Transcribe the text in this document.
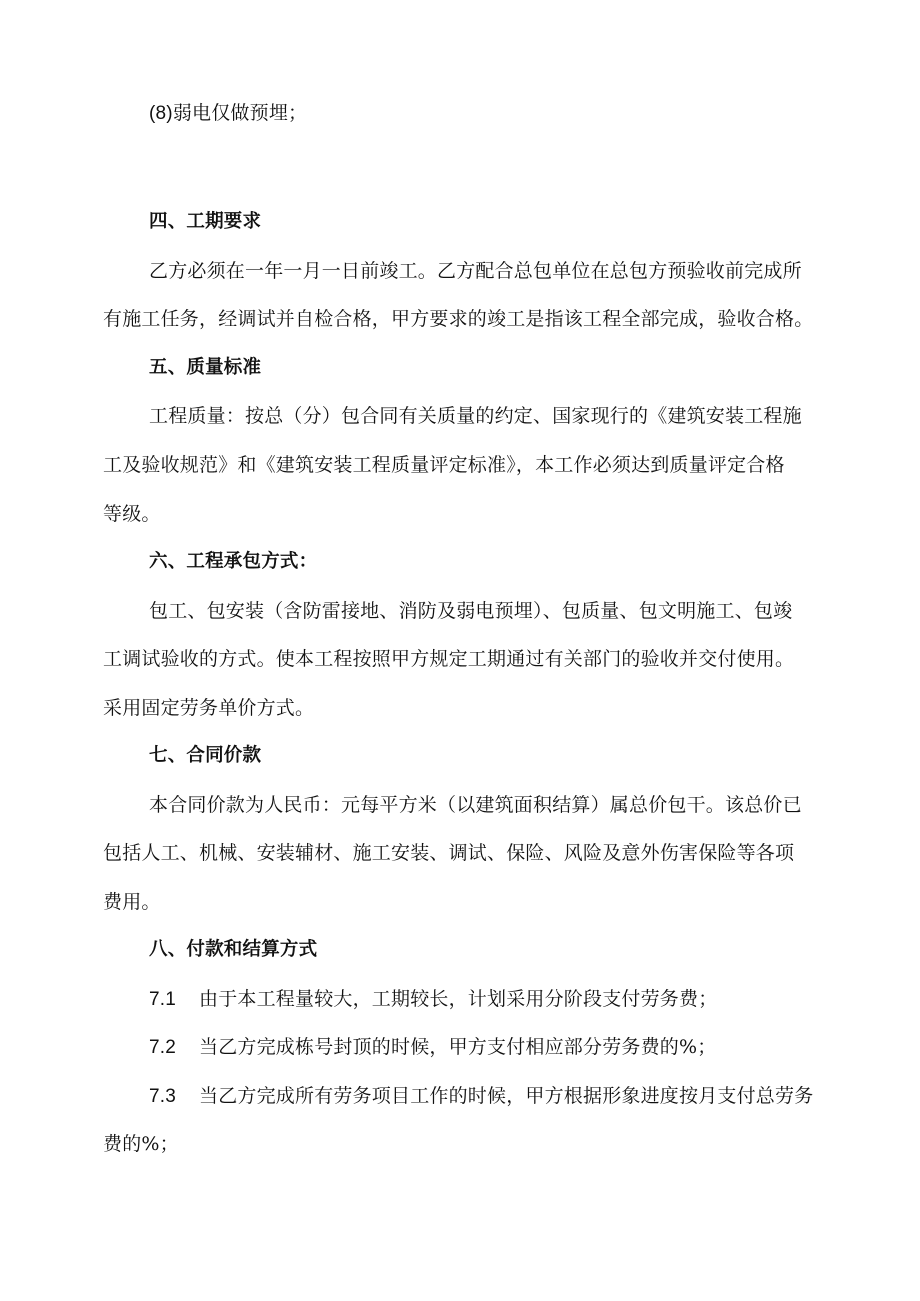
(8)弱电仅做预埋；
四、工期要求
乙方必须在一年一月一日前竣工。乙方配合总包单位在总包方预验收前完成所
有施工任务，经调试并自检合格，甲方要求的竣工是指该工程全部完成，验收合格。
五、质量标准
工程质量：按总（分）包合同有关质量的约定、国家现行的《建筑安装工程施
工及验收规范》和《建筑安装工程质量评定标准》，本工作必须达到质量评定合格
等级。
六、工程承包方式：
包工、包安装（含防雷接地、消防及弱电预埋）、包质量、包文明施工、包竣
工调试验收的方式。使本工程按照甲方规定工期通过有关部门的验收并交付使用。
采用固定劳务单价方式。
七、合同价款
本合同价款为人民币：元每平方米（以建筑面积结算）属总价包干。该总价已
包括人工、机械、安装辅材、施工安装、调试、保险、风险及意外伤害保险等各项
费用。
八、付款和结算方式
7.1 由于本工程量较大，工期较长，计划采用分阶段支付劳务费；
7.2 当乙方完成栋号封顶的时候，甲方支付相应部分劳务费的%；
7.3 当乙方完成所有劳务项目工作的时候，甲方根据形象进度按月支付总劳务
费的%；
